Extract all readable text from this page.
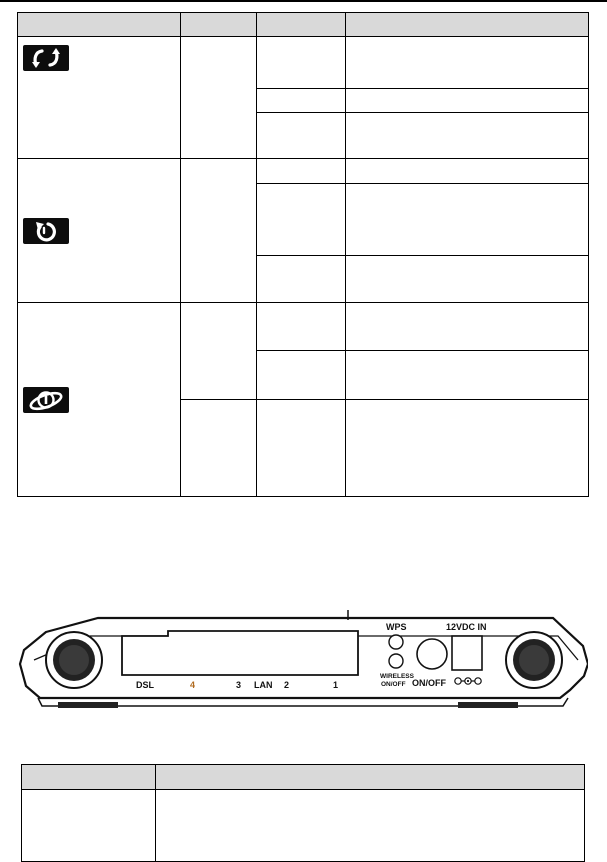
DSL	4	3 LAN 2	1
WPS
WIRELESS
ON/OFF ON/OFF
12VDC IN
